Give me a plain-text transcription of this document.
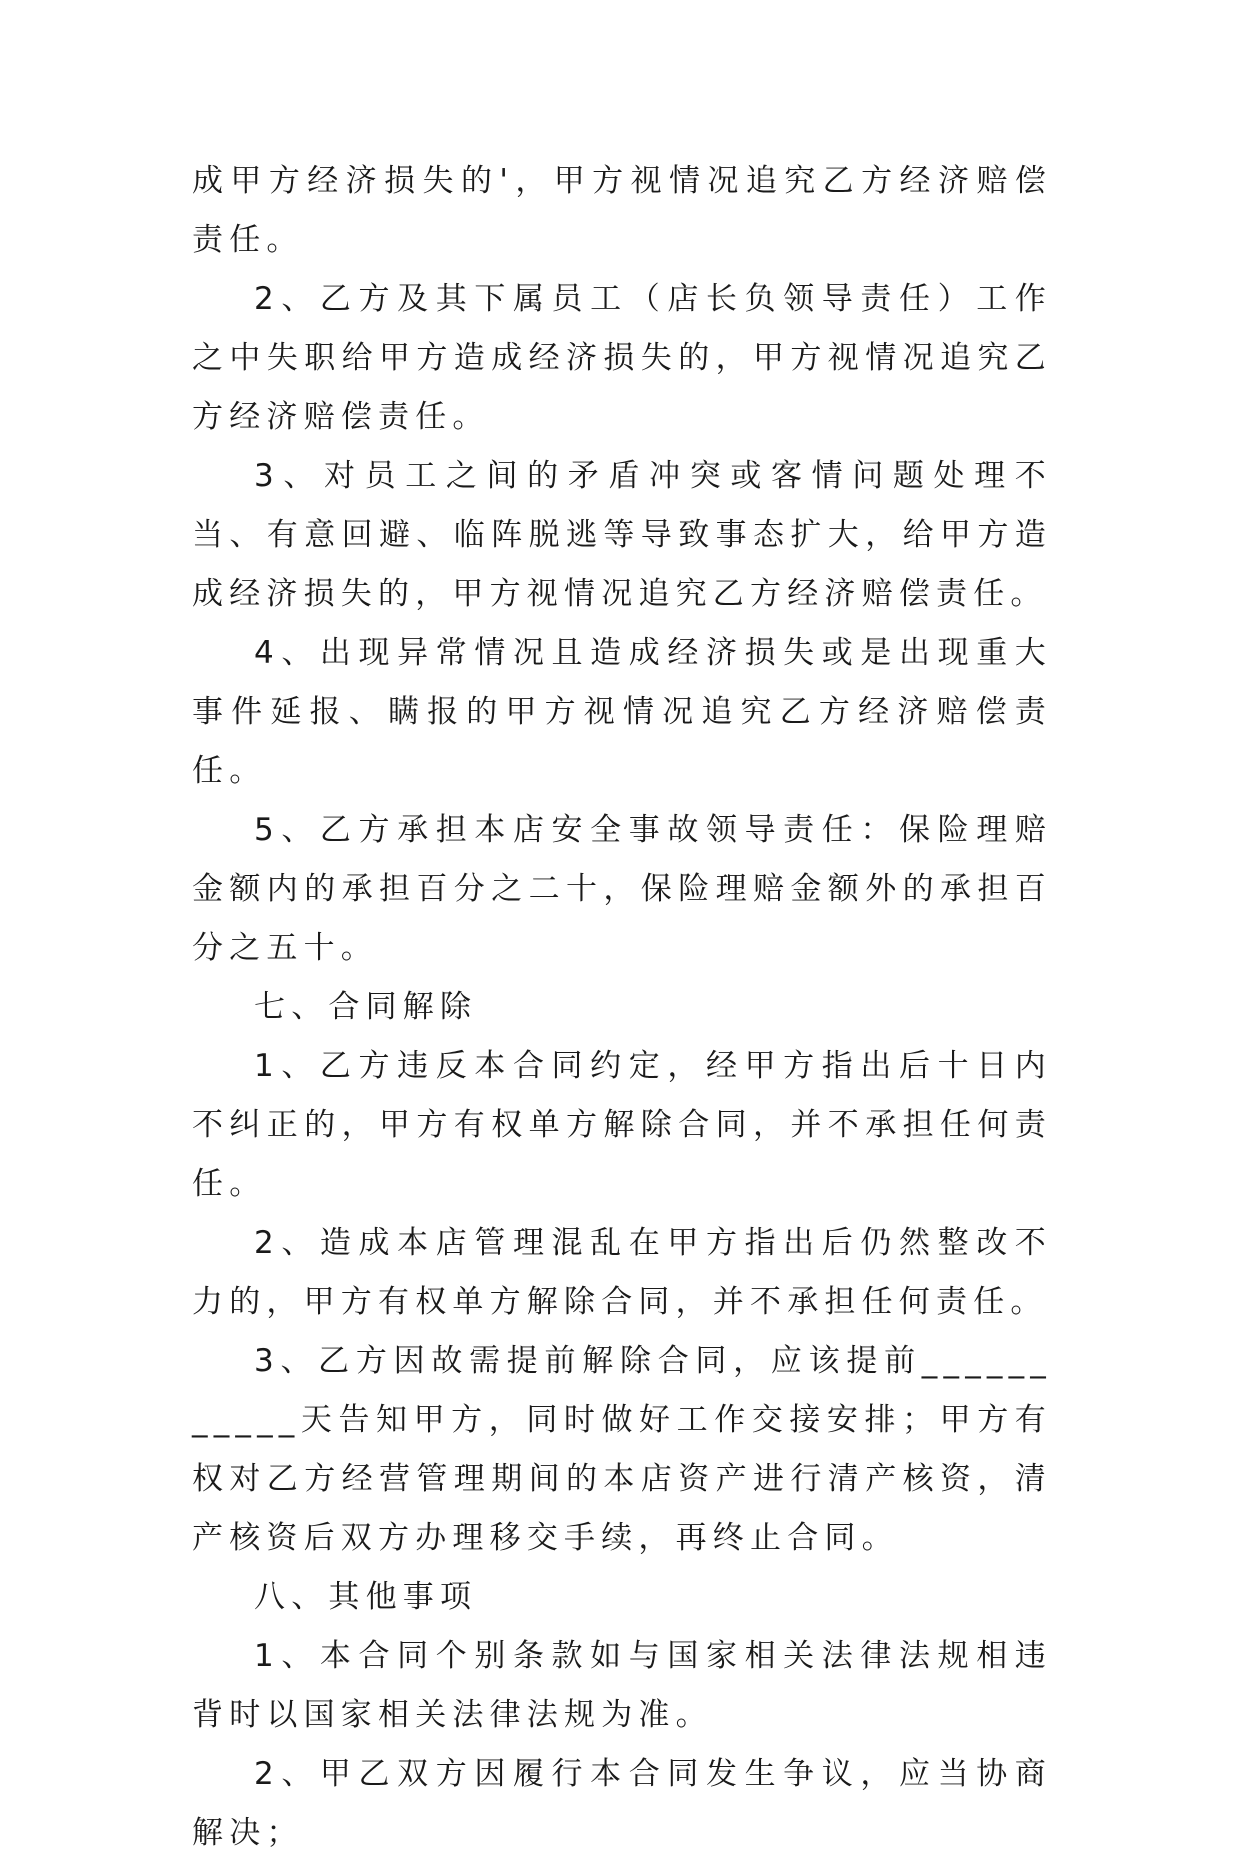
成甲方经济损失的'，甲方视情况追究乙方经济赔偿责任。

2、乙方及其下属员工（店长负领导责任）工作之中失职给甲方造成经济损失的，甲方视情况追究乙方经济赔偿责任。

3、对员工之间的矛盾冲突或客情问题处理不当、有意回避、临阵脱逃等导致事态扩大，给甲方造成经济损失的，甲方视情况追究乙方经济赔偿责任。

4、出现异常情况且造成经济损失或是出现重大事件延报、瞒报的甲方视情况追究乙方经济赔偿责任。

5、乙方承担本店安全事故领导责任：保险理赔金额内的承担百分之二十，保险理赔金额外的承担百分之五十。

七、合同解除

1、乙方违反本合同约定，经甲方指出后十日内不纠正的，甲方有权单方解除合同，并不承担任何责任。

2、造成本店管理混乱在甲方指出后仍然整改不力的，甲方有权单方解除合同，并不承担任何责任。

3、乙方因故需提前解除合同，应该提前___________天告知甲方，同时做好工作交接安排；甲方有权对乙方经营管理期间的本店资产进行清产核资，清产核资后双方办理移交手续，再终止合同。

八、其他事项

1、本合同个别条款如与国家相关法律法规相违背时以国家相关法律法规为准。

2、甲乙双方因履行本合同发生争议，应当协商解决；
